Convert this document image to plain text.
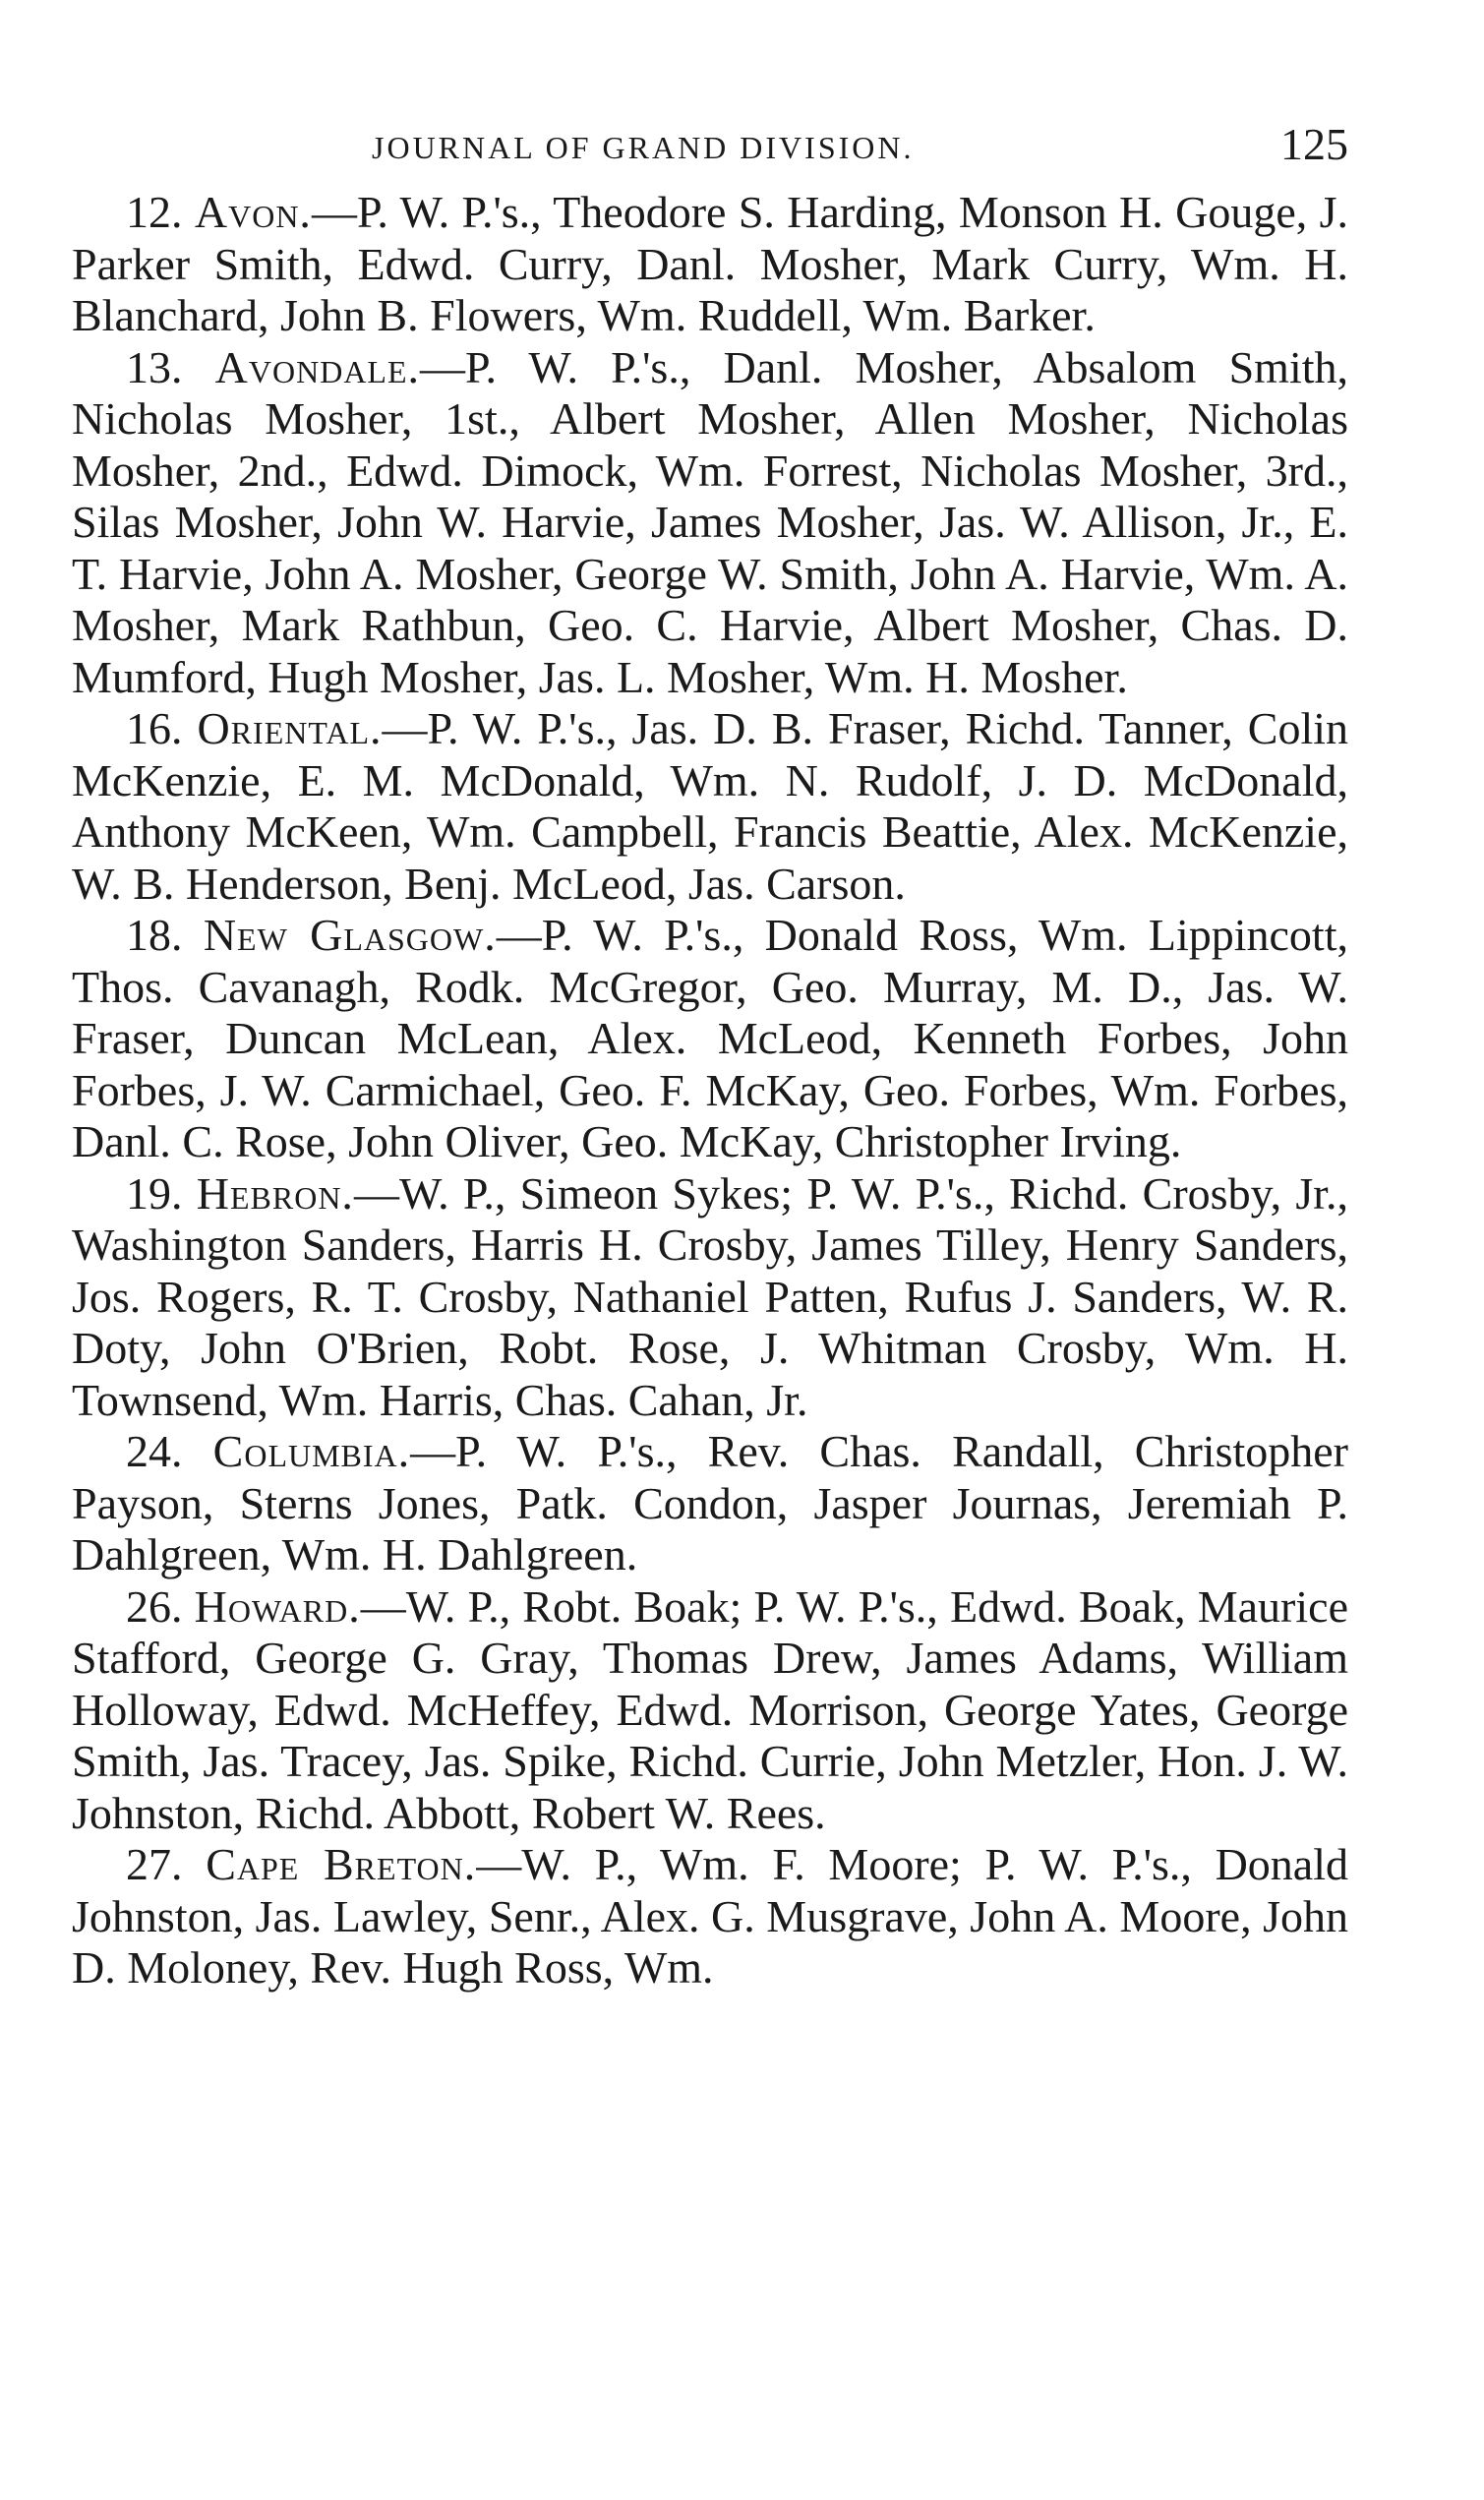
JOURNAL OF GRAND DIVISION.	125

12. Avon.—P. W. P.'s., Theodore S. Harding, Monson H. Gouge, J. Parker Smith, Edwd. Curry, Danl. Mosher, Mark Curry, Wm. H. Blanchard, John B. Flowers, Wm. Ruddell, Wm. Barker.

13. Avondale.—P. W. P.'s., Danl. Mosher, Absalom Smith, Nicholas Mosher, 1st., Albert Mosher, Allen Mosher, Nicholas Mosher, 2nd., Edwd. Dimock, Wm. Forrest, Nicholas Mosher, 3rd., Silas Mosher, John W. Harvie, James Mosher, Jas. W. Allison, Jr., E. T. Harvie, John A. Mosher, George W. Smith, John A. Harvie, Wm. A. Mosher, Mark Rathbun, Geo. C. Harvie, Albert Mosher, Chas. D. Mumford, Hugh Mosher, Jas. L. Mosher, Wm. H. Mosher.

16. Oriental.—P. W. P.'s., Jas. D. B. Fraser, Richd. Tanner, Colin McKenzie, E. M. McDonald, Wm. N. Rudolf, J. D. McDonald, Anthony McKeen, Wm. Campbell, Francis Beattie, Alex. McKenzie, W. B. Henderson, Benj. McLeod, Jas. Carson.

18. New Glasgow.—P. W. P.'s., Donald Ross, Wm. Lippincott, Thos. Cavanagh, Rodk. McGregor, Geo. Murray, M. D., Jas. W. Fraser, Duncan McLean, Alex. McLeod, Kenneth Forbes, John Forbes, J. W. Carmichael, Geo. F. McKay, Geo. Forbes, Wm. Forbes, Danl. C. Rose, John Oliver, Geo. McKay, Christopher Irving.

19. Hebron.—W. P., Simeon Sykes; P. W. P.'s., Richd. Crosby, Jr., Washington Sanders, Harris H. Crosby, James Tilley, Henry Sanders, Jos. Rogers, R. T. Crosby, Nathaniel Patten, Rufus J. Sanders, W. R. Doty, John O'Brien, Robt. Rose, J. Whitman Crosby, Wm. H. Townsend, Wm. Harris, Chas. Cahan, Jr.

24. Columbia.—P. W. P.'s., Rev. Chas. Randall, Christopher Payson, Sterns Jones, Patk. Condon, Jasper Journas, Jeremiah P. Dahlgreen, Wm. H. Dahlgreen.

26. Howard.—W. P., Robt. Boak; P. W. P.'s., Edwd. Boak, Maurice Stafford, George G. Gray, Thomas Drew, James Adams, William Holloway, Edwd. McHeffey, Edwd. Morrison, George Yates, George Smith, Jas. Tracey, Jas. Spike, Richd. Currie, John Metzler, Hon. J. W. Johnston, Richd. Abbott, Robert W. Rees.

27. Cape Breton.—W. P., Wm. F. Moore; P. W. P.'s., Donald Johnston, Jas. Lawley, Senr., Alex. G. Musgrave, John A. Moore, John D. Moloney, Rev. Hugh Ross, Wm.
